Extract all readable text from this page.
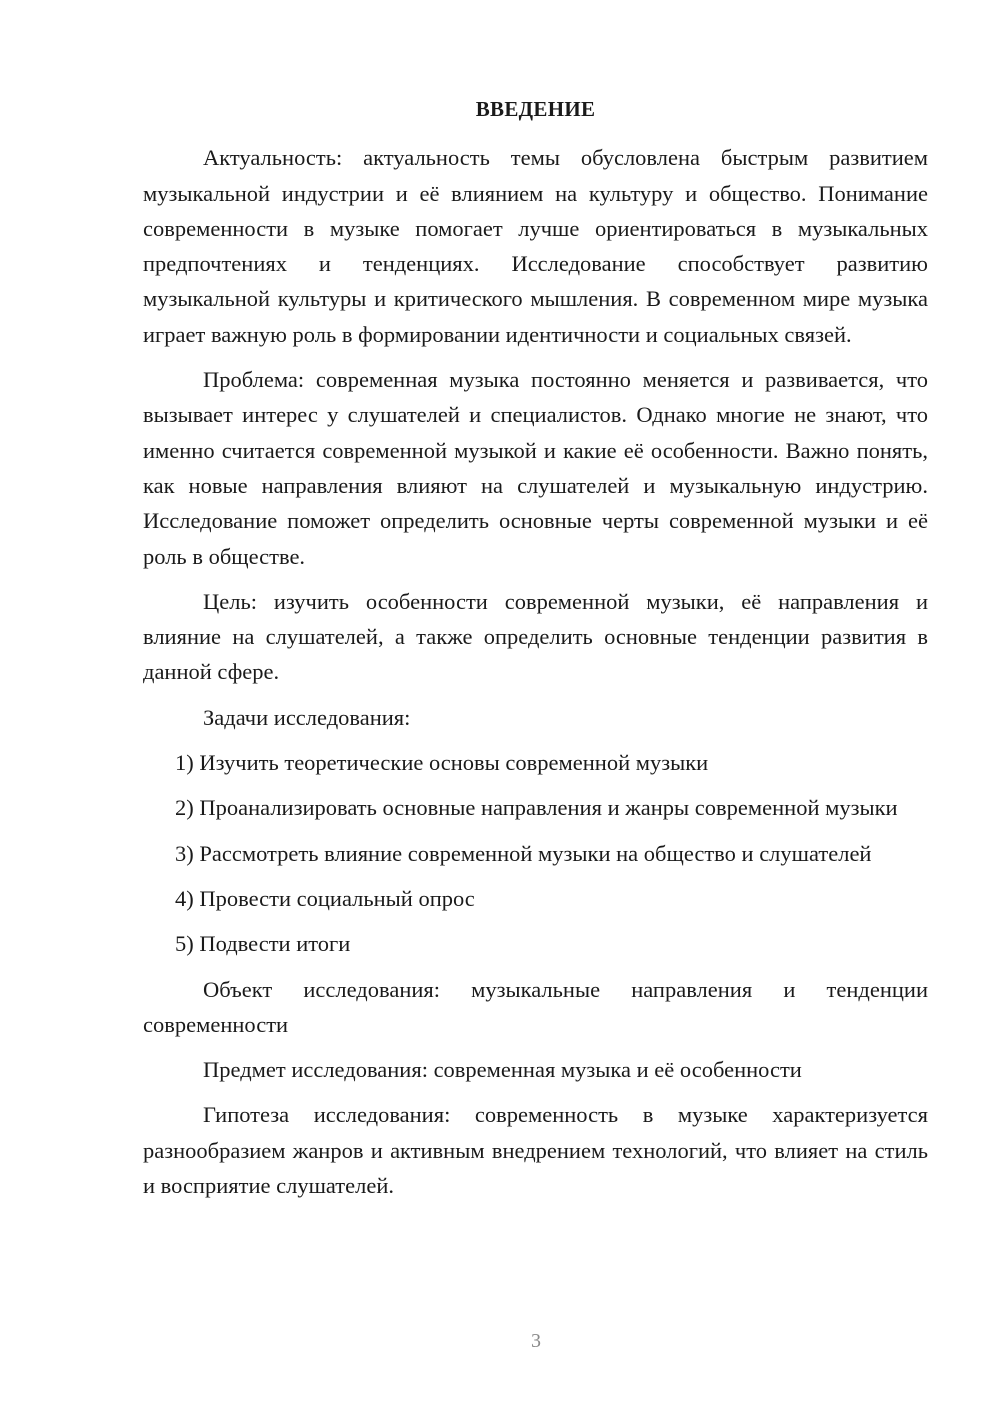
ВВЕДЕНИЕ

Актуальность: актуальность темы обусловлена быстрым развитием музыкальной индустрии и её влиянием на культуру и общество. Понимание современности в музыке помогает лучше ориентироваться в музыкальных предпочтениях и тенденциях. Исследование способствует развитию музыкальной культуры и критического мышления. В современном мире музыка играет важную роль в формировании идентичности и социальных связей.

Проблема: современная музыка постоянно меняется и развивается, что вызывает интерес у слушателей и специалистов. Однако многие не знают, что именно считается современной музыкой и какие её особенности. Важно понять, как новые направления влияют на слушателей и музыкальную индустрию. Исследование поможет определить основные черты современной музыки и её роль в обществе.

Цель: изучить особенности современной музыки, её направления и влияние на слушателей, а также определить основные тенденции развития в данной сфере.

Задачи исследования:

1) Изучить теоретические основы современной музыки

2) Проанализировать основные направления и жанры современной музыки

3) Рассмотреть влияние современной музыки на общество и слушателей

4) Провести социальный опрос

5) Подвести итоги

Объект исследования: музыкальные направления и тенденции современности

Предмет исследования: современная музыка и её особенности

Гипотеза исследования: современность в музыке характеризуется разнообразием жанров и активным внедрением технологий, что влияет на стиль и восприятие слушателей.

3
